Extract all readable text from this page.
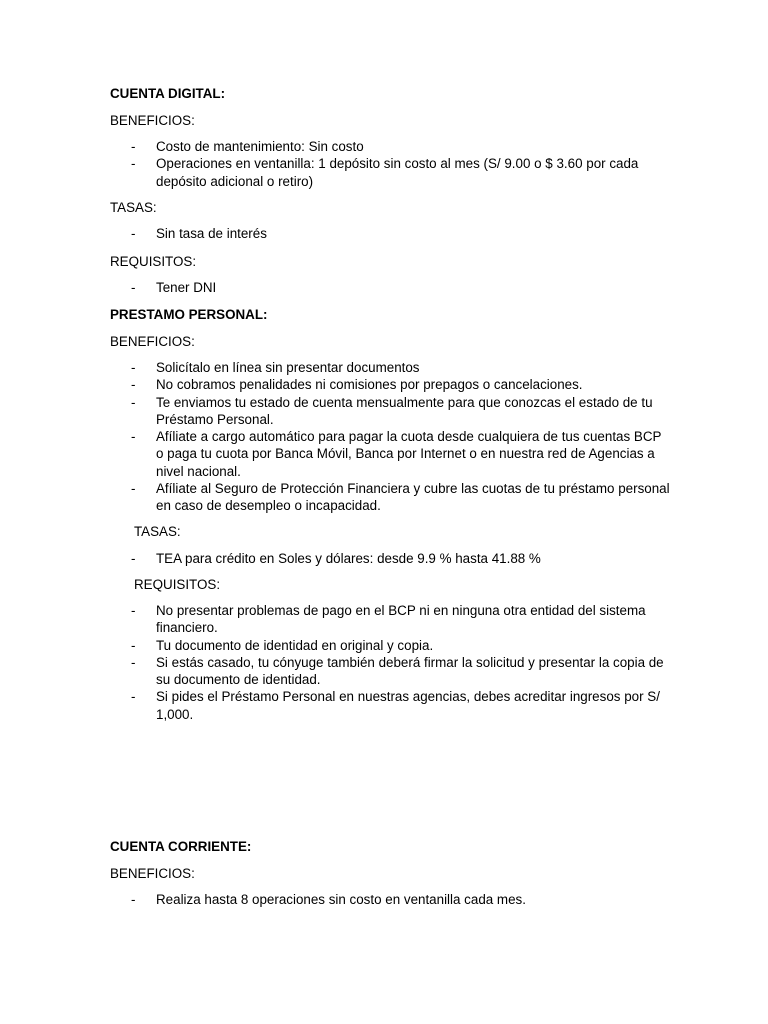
CUENTA DIGITAL:
BENEFICIOS:
- Costo de mantenimiento: Sin costo
- Operaciones en ventanilla: 1 depósito sin costo al mes (S/ 9.00 o $ 3.60 por cada depósito adicional o retiro)
TASAS:
- Sin tasa de interés
REQUISITOS:
- Tener DNI
PRESTAMO PERSONAL:
BENEFICIOS:
- Solicítalo en línea sin presentar documentos
- No cobramos penalidades ni comisiones por prepagos o cancelaciones.
- Te enviamos tu estado de cuenta mensualmente para que conozcas el estado de tu Préstamo Personal.
- Afíliate a cargo automático para pagar la cuota desde cualquiera de tus cuentas BCP o paga tu cuota por Banca Móvil, Banca por Internet o en nuestra red de Agencias a nivel nacional.
- Afíliate al Seguro de Protección Financiera y cubre las cuotas de tu préstamo personal en caso de desempleo o incapacidad.
TASAS:
- TEA para crédito en Soles y dólares: desde 9.9 % hasta 41.88 %
REQUISITOS:
- No presentar problemas de pago en el BCP ni en ninguna otra entidad del sistema financiero.
- Tu documento de identidad en original y copia.
- Si estás casado, tu cónyuge también deberá firmar la solicitud y presentar la copia de su documento de identidad.
- Si pides el Préstamo Personal en nuestras agencias, debes acreditar ingresos por S/ 1,000.
CUENTA CORRIENTE:
BENEFICIOS:
- Realiza hasta 8 operaciones sin costo en ventanilla cada mes.
